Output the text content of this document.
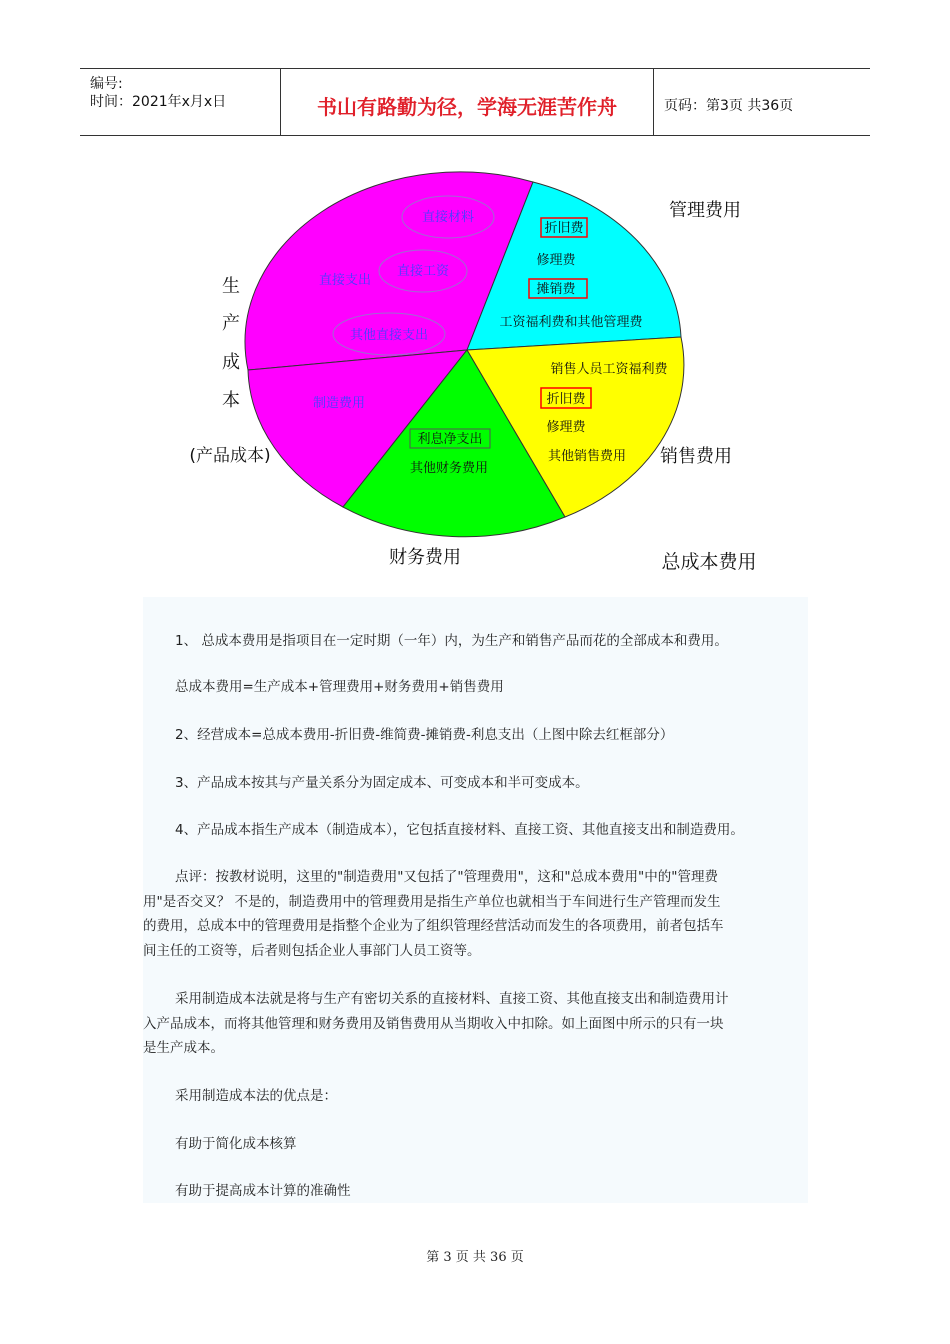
编号:
时间：2021年x月x日	书山有路勤为径，学海无涯苦作舟	页码：第3页 共36页
直接材料
直接支出
直接工资
其他直接支出
制造费用
折旧费
修理费
摊销费
工资福利费和其他管理费
销售人员工资福利费
折旧费
修理费
其他销售费用
利息净支出
其他财务费用
管理费用
销售费用
财务费用	总成本费用
生
产
成
本
(产品成本)
1、 总成本费用是指项目在一定时期（一年）内，为生产和销售产品而花的全部成本和费用。
总成本费用=生产成本+管理费用+财务费用+销售费用
2、经营成本=总成本费用-折旧费-维简费-摊销费-利息支出（上图中除去红框部分）
3、产品成本按其与产量关系分为固定成本、可变成本和半可变成本。
4、产品成本指生产成本（制造成本），它包括直接材料、直接工资、其他直接支出和制造费用。
点评：按教材说明，这里的"制造费用"又包括了"管理费用"，这和"总成本费用"中的"管理费
用"是否交叉？ 不是的，制造费用中的管理费用是指生产单位也就相当于车间进行生产管理而发生
的费用，总成本中的管理费用是指整个企业为了组织管理经营活动而发生的各项费用，前者包括车
间主任的工资等，后者则包括企业人事部门人员工资等。
采用制造成本法就是将与生产有密切关系的直接材料、直接工资、其他直接支出和制造费用计
入产品成本，而将其他管理和财务费用及销售费用从当期收入中扣除。如上面图中所示的只有一块
是生产成本。
采用制造成本法的优点是：
有助于简化成本核算
有助于提高成本计算的准确性
第 3 页 共 36 页
